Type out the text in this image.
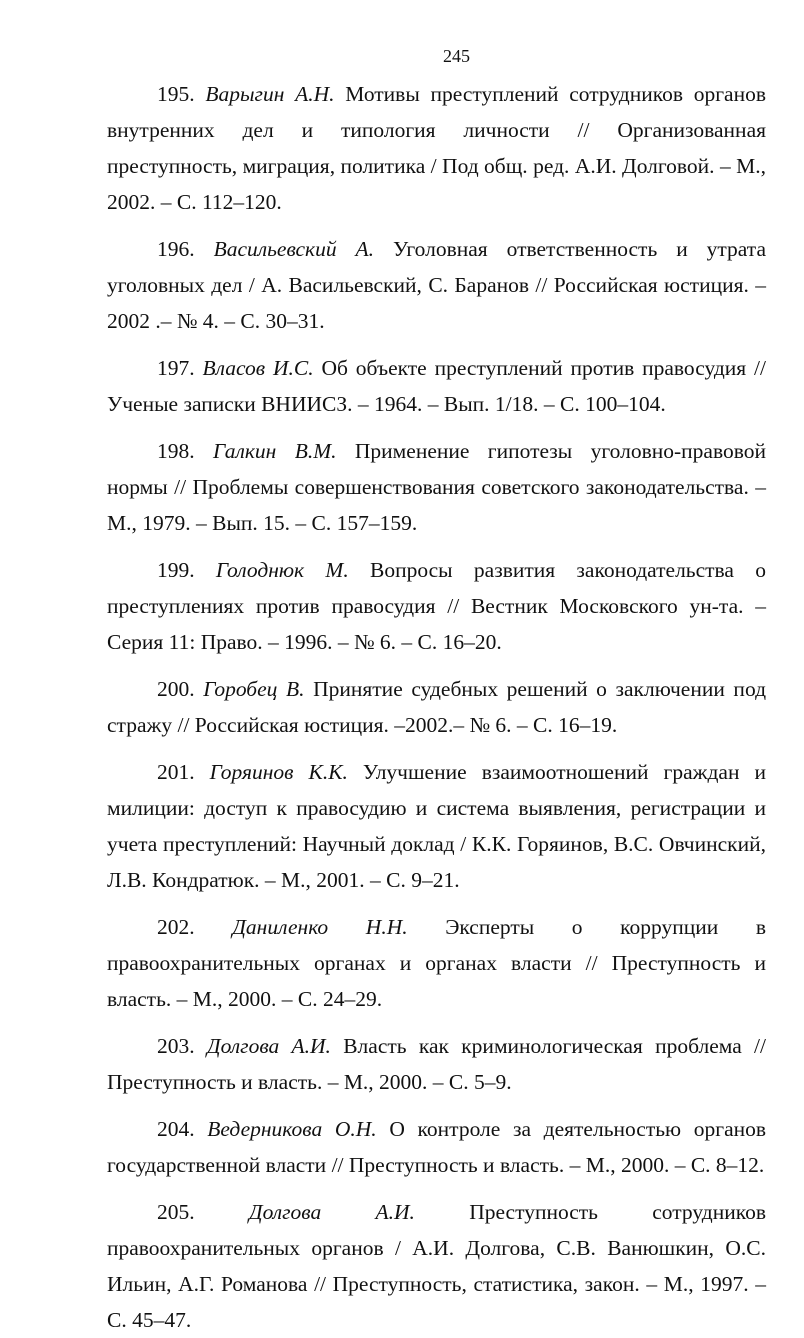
245

195. Варыгин А.Н. Мотивы преступлений сотрудников органов внутренних дел и типология личности // Организованная преступность, миграция, политика / Под общ. ред. А.И. Долговой. – М., 2002. – С. 112–120.

196. Васильевский А. Уголовная ответственность и утрата уголовных дел / А. Васильевский, С. Баранов // Российская юстиция. – 2002 .– № 4. – С. 30–31.

197. Власов И.С. Об объекте преступлений против правосудия // Ученые записки ВНИИСЗ. – 1964. – Вып. 1/18. – С. 100–104.

198. Галкин В.М. Применение гипотезы уголовно-правовой нормы // Проблемы совершенствования советского законодательства. – М., 1979. – Вып. 15. – С. 157–159.

199. Голоднюк М. Вопросы развития законодательства о преступлениях против правосудия // Вестник Московского ун-та. – Серия 11: Право. – 1996. – № 6. – С. 16–20.

200. Горобец В. Принятие судебных решений о заключении под стражу // Российская юстиция. –2002.– № 6. – С. 16–19.

201. Горяинов К.К. Улучшение взаимоотношений граждан и милиции: доступ к правосудию и система выявления, регистрации и учета преступлений: Научный доклад / К.К. Горяинов, В.С. Овчинский, Л.В. Кондратюк. – М., 2001. – С. 9–21.

202. Даниленко Н.Н. Эксперты о коррупции в правоохранительных органах и органах власти // Преступность и власть. – М., 2000. – С. 24–29.

203. Долгова А.И. Власть как криминологическая проблема // Преступность и власть. – М., 2000. – С. 5–9.

204. Ведерникова О.Н. О контроле за деятельностью органов государственной власти // Преступность и власть. – М., 2000. – С. 8–12.

205.	Долгова А.И.	Преступность сотрудников правоохранительных органов / А.И. Долгова, С.В. Ванюшкин, О.С. Ильин, А.Г. Романова // Преступность, статистика, закон. – М., 1997. – С. 45–47.
